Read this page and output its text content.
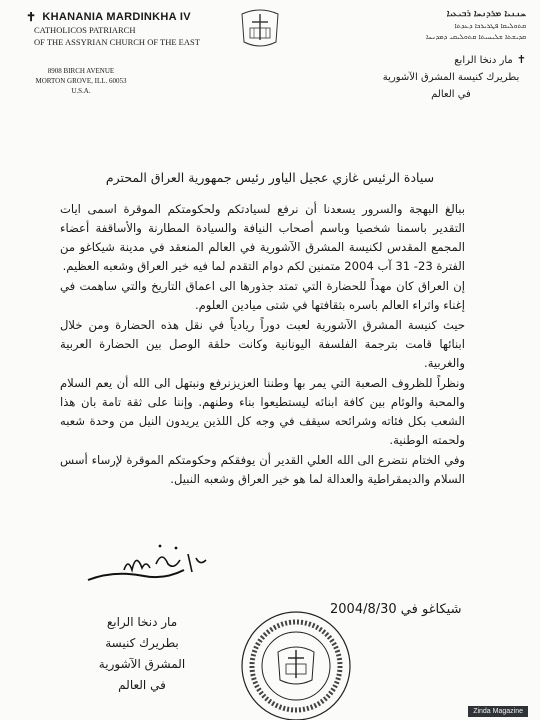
✝ KHANANIA MARDINKHA IV
CATHOLICOS PATRIARCH
OF THE ASSYRIAN CHURCH OF THE EAST
8908 BIRCH AVENUE
MORTON GROVE, ILL. 60053
U.S.A.
ܚܢܢܝܐ ܡܪܕܢܚܐ ܪܒܝܥܝܐ
ܩܬܘܠܝܩܐ ܦܛܪܝܪܟܐ ܕܥܕܬܐ
ܩܕܝܫܬܐ ܫܠܝܚܝܬܐ ܩܬܘܠܝܩܝ ܕܡܕܢܚܐ
✝مار دنخا الرابع
بطريرك كنيسة المشرق الآشورية
في العالم
سيادة الرئيس غازي عجيل الياور رئيس جمهورية العراق المحترم

ببالغ البهجة والسرور يسعدنا أن نرفع لسيادتكم ولحكومتكم الموقرة اسمى ايات التقدير باسمنا شخصيا وباسم أصحاب النيافة والسيادة المطارنة والأساقفة أعضاء المجمع المقدس لكنيسة المشرق الآشورية في العالم المنعقد في مدينة شيكاغو من الفترة 23- 31 آب 2004 متمنين لكم دوام التقدم لما فيه خير العراق وشعبه العظيم.

إن العراق كان مهداً للحضارة التي تمتد جذورها الى اعماق التاريخ والتي ساهمت في إغناء واثراء العالم باسره بثقافتها في شتى ميادين العلوم.

حيث كنيسة المشرق الآشورية لعبت دوراً ريادياً في نقل هذه الحضارة ومن خلال ابنائها قامت بترجمة الفلسفة اليونانية وكانت حلقة الوصل بين الحضارة العربية والغربية.

ونظراً للظروف الصعبة التي يمر بها وطننا العزيزنرفع ونبتهل الى الله أن يعم السلام والمحبة والوئام بين كافة ابنائه ليستطيعوا بناء وطنهم. وإننا على ثقة تامة بان هذا الشعب بكل فئاته وشرائحه سيقف في وجه كل اللذين يريدون النيل من وحدة شعبه ولحمته الوطنية.

وفي الختام نتضرع الى الله العلي القدير أن يوفقكم وحكومتكم الموقرة لإرساء أسس السلام والديمقراطية والعدالة لما هو خير العراق وشعبه النبيل.

مار دنخا الرابع
بطريرك كنيسة المشرق الآشورية
في العالم
شيكاغو في 2004/8/30
Zinda Magazine
